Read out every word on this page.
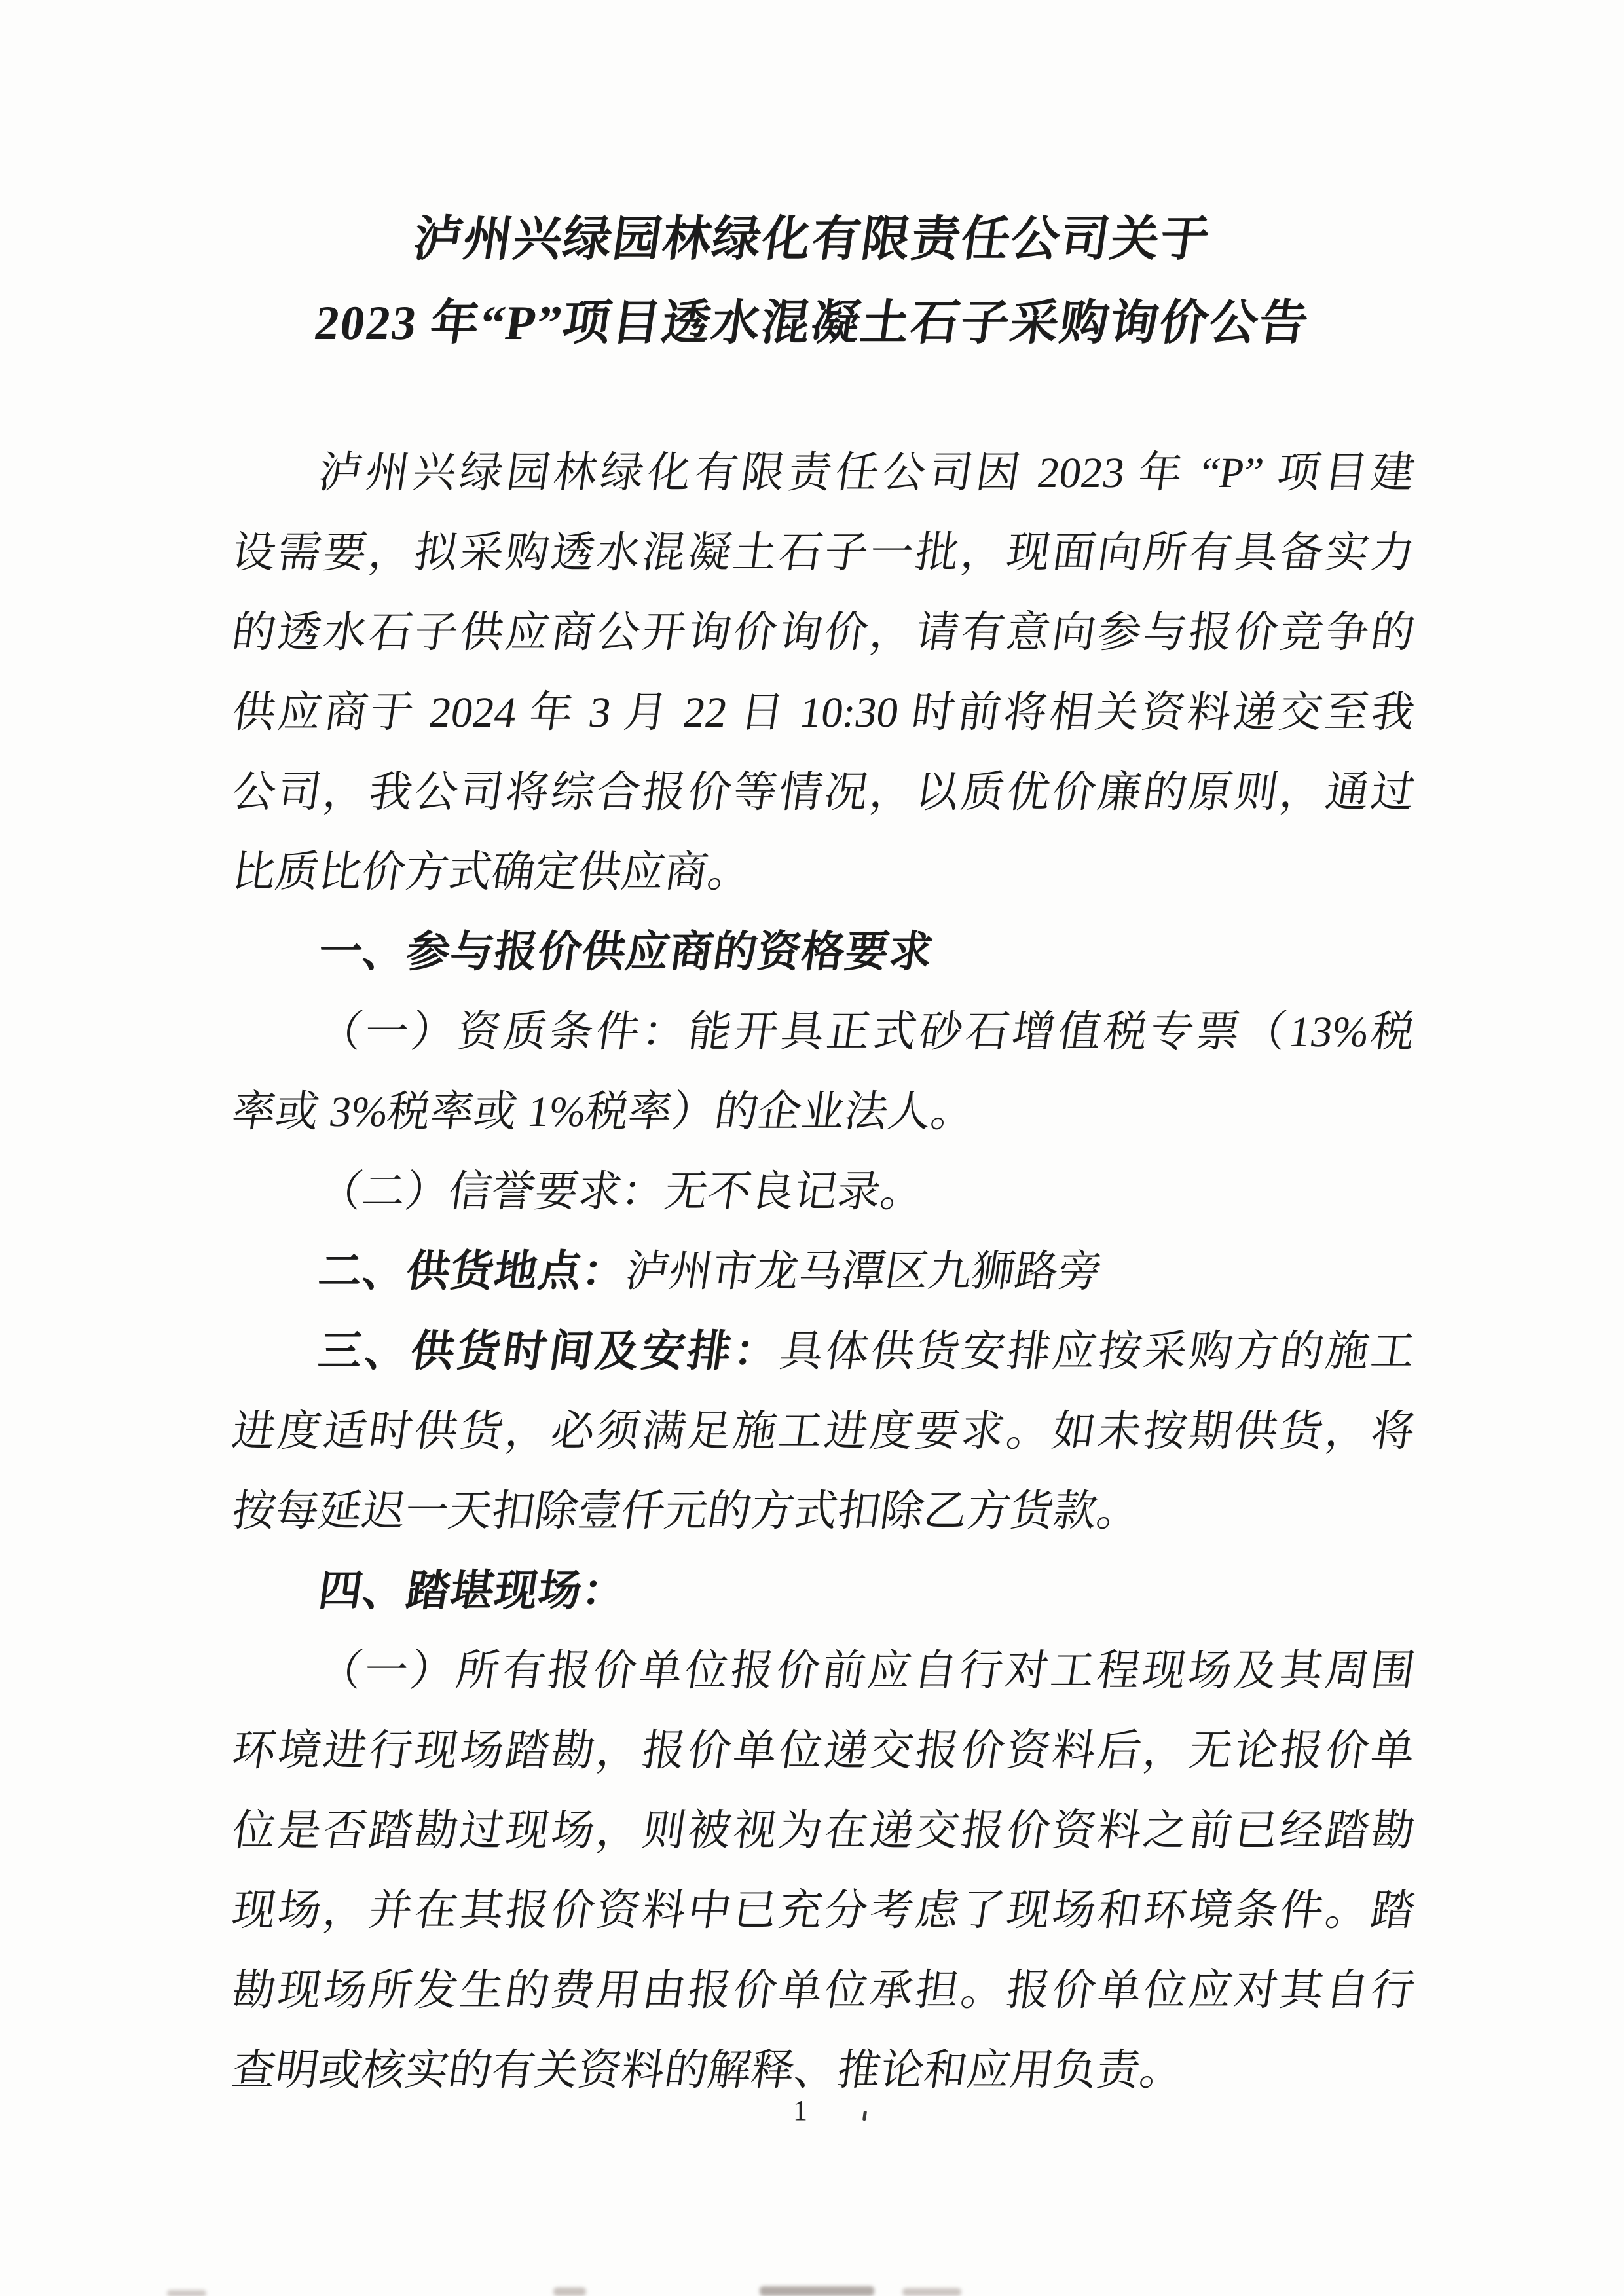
泸州兴绿园林绿化有限责任公司关于
2023 年“P”项目透水混凝土石子采购询价公告
泸州兴绿园林绿化有限责任公司因 2023 年 “P” 项目建
设需要，拟采购透水混凝土石子一批，现面向所有具备实力
的透水石子供应商公开询价询价，请有意向参与报价竞争的
供应商于 2024 年 3 月 22 日 10:30 时前将相关资料递交至我
公司，我公司将综合报价等情况，以质优价廉的原则，通过
比质比价方式确定供应商。
一、参与报价供应商的资格要求
（一）资质条件：能开具正式砂石增值税专票（13%税
率或 3%税率或 1%税率）的企业法人。
（二）信誉要求：无不良记录。
二、供货地点：泸州市龙马潭区九狮路旁
三、供货时间及安排：具体供货安排应按采购方的施工
进度适时供货，必须满足施工进度要求。如未按期供货，将
按每延迟一天扣除壹仟元的方式扣除乙方货款。
四、踏堪现场：
（一）所有报价单位报价前应自行对工程现场及其周围
环境进行现场踏勘，报价单位递交报价资料后，无论报价单
位是否踏勘过现场，则被视为在递交报价资料之前已经踏勘
现场，并在其报价资料中已充分考虑了现场和环境条件。踏
勘现场所发生的费用由报价单位承担。报价单位应对其自行
查明或核实的有关资料的解释、推论和应用负责。
1
